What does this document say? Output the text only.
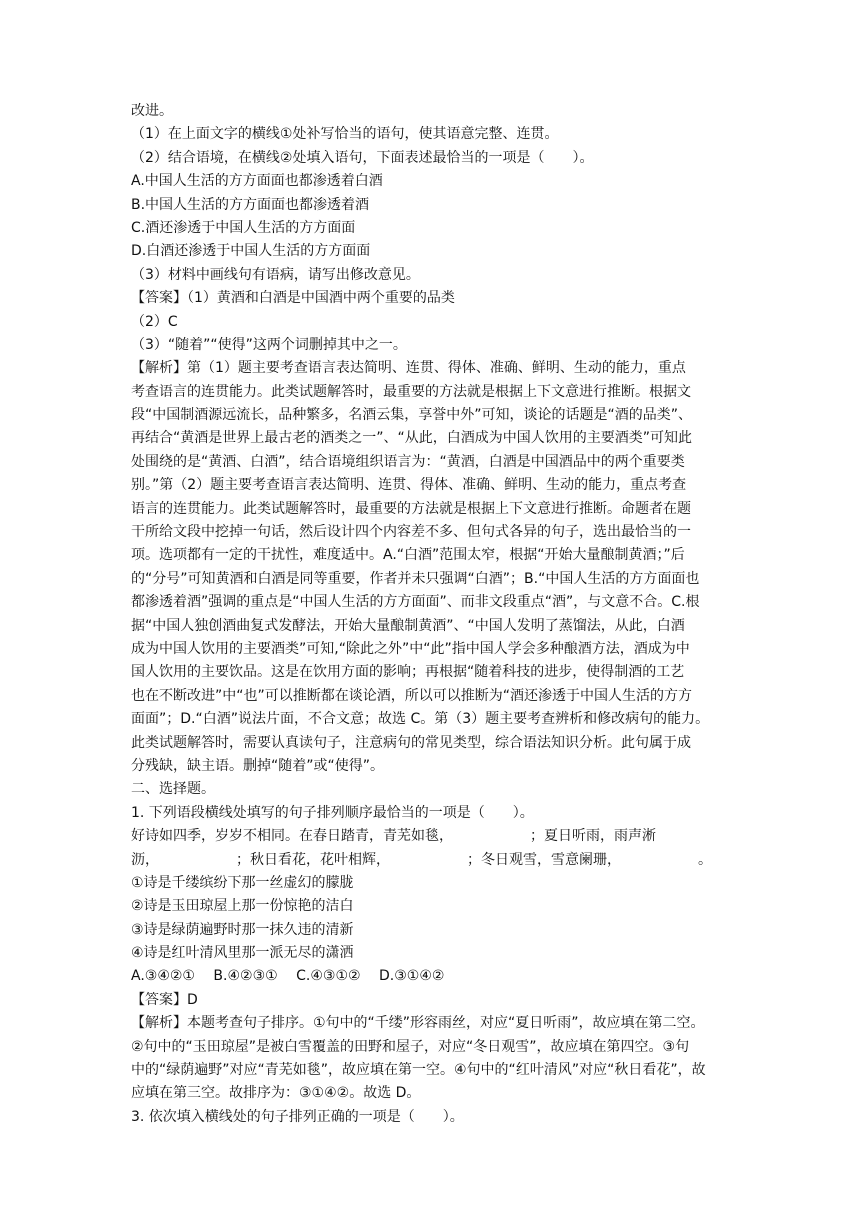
改进。
（1）在上面文字的横线①处补写恰当的语句，使其语意完整、连贯。
（2）结合语境，在横线②处填入语句，下面表述最恰当的一项是（　　）。
A.中国人生活的方方面面也都渗透着白酒
B.中国人生活的方方面面也都渗透着酒
C.酒还渗透于中国人生活的方方面面
D.白酒还渗透于中国人生活的方方面面
（3）材料中画线句有语病，请写出修改意见。
【答案】（1）黄酒和白酒是中国酒中两个重要的品类
（2）C
（3）“随着”“使得”这两个词删掉其中之一。
【解析】第（1）题主要考查语言表达简明、连贯、得体、准确、鲜明、生动的能力，重点
考查语言的连贯能力。此类试题解答时，最重要的方法就是根据上下文意进行推断。根据文
段“中国制酒源远流长，品种繁多，名酒云集，享誉中外”可知，谈论的话题是“酒的品类”、
再结合“黄酒是世界上最古老的酒类之一”、“从此，白酒成为中国人饮用的主要酒类”可知此
处围绕的是“黄酒、白酒”，结合语境组织语言为：“黄酒，白酒是中国酒品中的两个重要类
别。”第（2）题主要考查语言表达简明、连贯、得体、准确、鲜明、生动的能力，重点考查
语言的连贯能力。此类试题解答时，最重要的方法就是根据上下文意进行推断。命题者在题
干所给文段中挖掉一句话，然后设计四个内容差不多、但句式各异的句子，选出最恰当的一
项。选项都有一定的干扰性，难度适中。A.“白酒”范围太窄，根据“开始大量酿制黄酒；”后
的“分号”可知黄酒和白酒是同等重要，作者并未只强调“白酒”；B.“中国人生活的方方面面也
都渗透着酒”强调的重点是“中国人生活的方方面面”、而非文段重点“酒”，与文意不合。C.根
据“中国人独创酒曲复式发酵法，开始大量酿制黄酒”、“中国人发明了蒸馏法，从此，白酒
成为中国人饮用的主要酒类”可知,“除此之外”中“此”指中国人学会多种酿酒方法，酒成为中
国人饮用的主要饮品。这是在饮用方面的影响；再根据“随着科技的进步，使得制酒的工艺
也在不断改进”中“也”可以推断都在谈论酒，所以可以推断为“酒还渗透于中国人生活的方方
面面”；D.“白酒”说法片面，不合文意；故选 C。第（3）题主要考查辨析和修改病句的能力。
此类试题解答时，需要认真读句子，注意病句的常见类型，综合语法知识分析。此句属于成
分残缺，缺主语。删掉“随着”或“使得”。
二、选择题。
1. 下列语段横线处填写的句子排列顺序最恰当的一项是（　　）。
好诗如四季，岁岁不相同。在春日踏青，青芜如毯，　　　　　　；夏日听雨，雨声淅
沥，　　　　　　；秋日看花，花叶相辉，　　　　　　；冬日观雪，雪意阑珊，　　　　　　。
①诗是千缕缤纷下那一丝虚幻的朦胧
②诗是玉田琼屋上那一份惊艳的洁白
③诗是绿荫遍野时那一抹久违的清新
④诗是红叶清风里那一派无尽的潇洒
A.③④②①　 B.④②③①　 C.④③①②　 D.③①④②
【答案】D
【解析】本题考查句子排序。①句中的“千缕”形容雨丝，对应“夏日听雨”，故应填在第二空。
②句中的“玉田琼屋”是被白雪覆盖的田野和屋子，对应“冬日观雪”，故应填在第四空。③句
中的“绿荫遍野”对应“青芜如毯”，故应填在第一空。④句中的“红叶清风”对应“秋日看花”，故
应填在第三空。故排序为：③①④②。故选 D。
3. 依次填入横线处的句子排列正确的一项是（　　）。
